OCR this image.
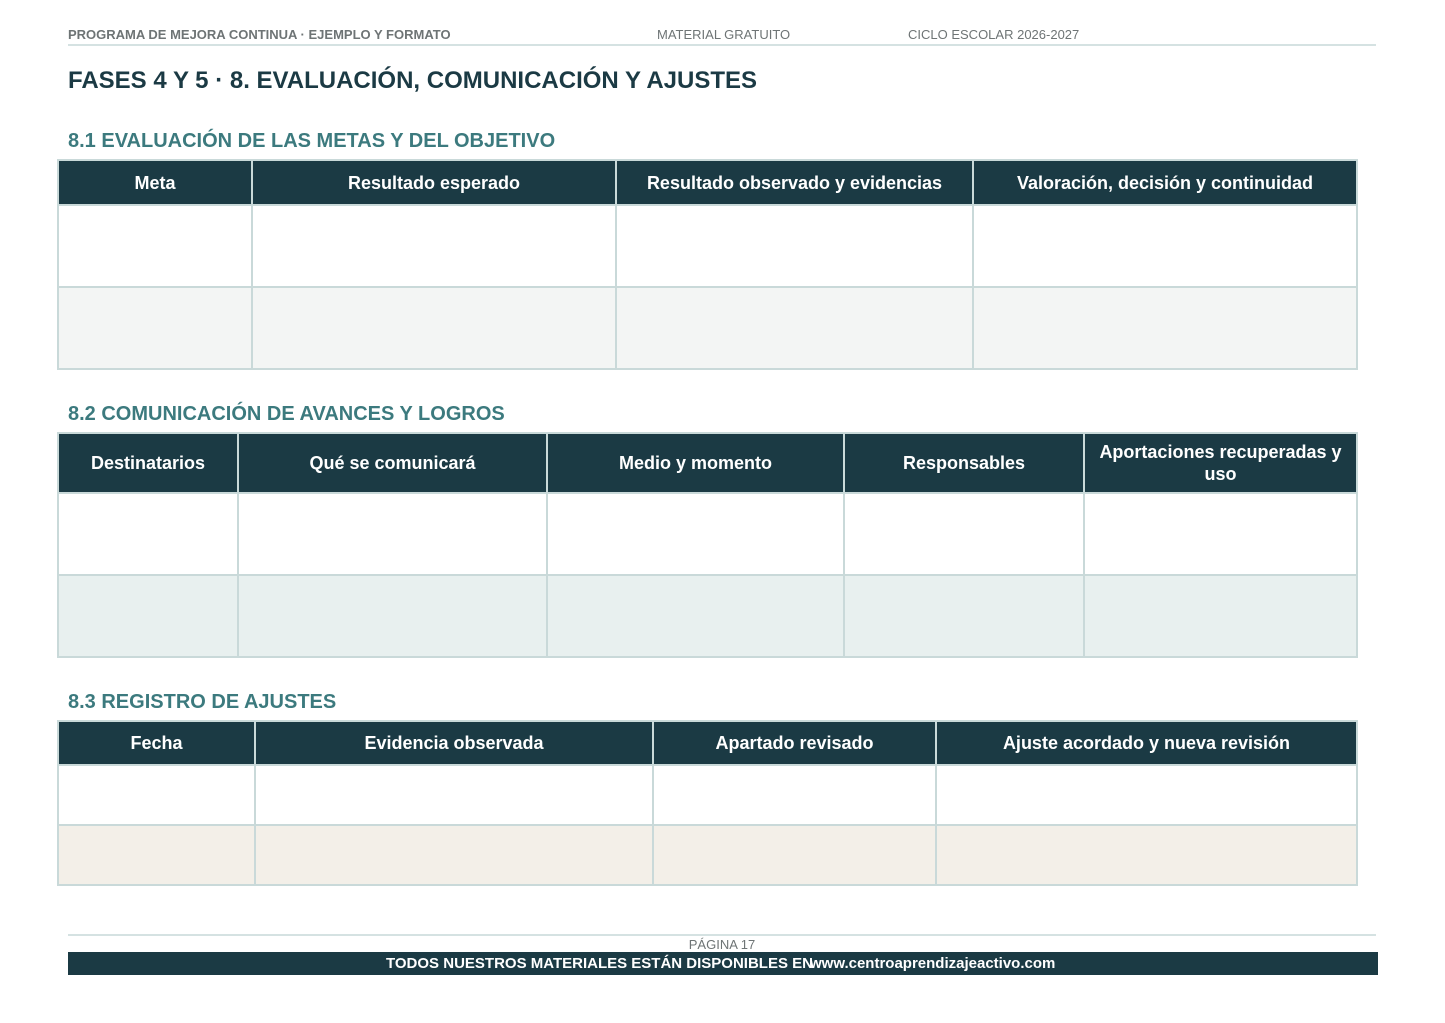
PROGRAMA DE MEJORA CONTINUA · EJEMPLO Y FORMATO	MATERIAL GRATUITO	CICLO ESCOLAR 2026-2027
FASES 4 Y 5 · 8. EVALUACIÓN, COMUNICACIÓN Y AJUSTES
8.1 EVALUACIÓN DE LAS METAS Y DEL OBJETIVO
Meta	Resultado esperado	Resultado observado y evidencias	Valoración, decisión y continuidad

8.2 COMUNICACIÓN DE AVANCES Y LOGROS
Destinatarios	Qué se comunicará	Medio y momento	Responsables	Aportaciones recuperadas y uso

8.3 REGISTRO DE AJUSTES
Fecha	Evidencia observada	Apartado revisado	Ajuste acordado y nueva revisión

PÁGINA 17
TODOS NUESTROS MATERIALES ESTÁN DISPONIBLES EN
www.centroaprendizajeactivo.com
